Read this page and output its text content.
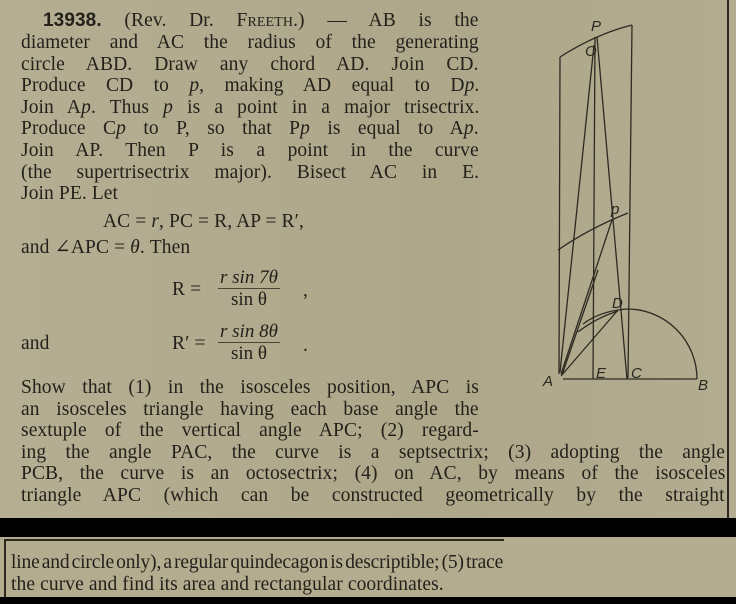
13938. (Rev. Dr. Freeth.) — AB is the
diameter and AC the radius of the generating
circle ABD. Draw any chord AD. Join CD.
Produce CD to p, making AD equal to Dp.
Join Ap. Thus p is a point in a major trisectrix.
Produce Cp to P, so that Pp is equal to Ap.
Join AP. Then P is a point in the curve
(the supertrisectrix major). Bisect AC in E.
Join PE. Let
AC = r, PC = R, AP = R′,
and ∠APC = θ. Then
$R = \frac{\text{r sin 7θ}}{\text{sin θ}}$ ,
and	$R' = \frac{\text{r sin 8θ}}{\text{sin θ}}$ .
Show that (1) in the isosceles position, APC is
an isosceles triangle having each base angle the
sextuple of the vertical angle APC; (2) regard-
ing the angle PAC, the curve is a septsectrix; (3) adopting the angle
PCB, the curve is an octosectrix; (4) on AC, by means of the isosceles
triangle APC (which can be constructed geometrically by the straight
P
O
p
D
A	E C
B
line and circle only), a regular quindecagon is descriptible; (5) trace
the curve and find its area and rectangular coordinates.
